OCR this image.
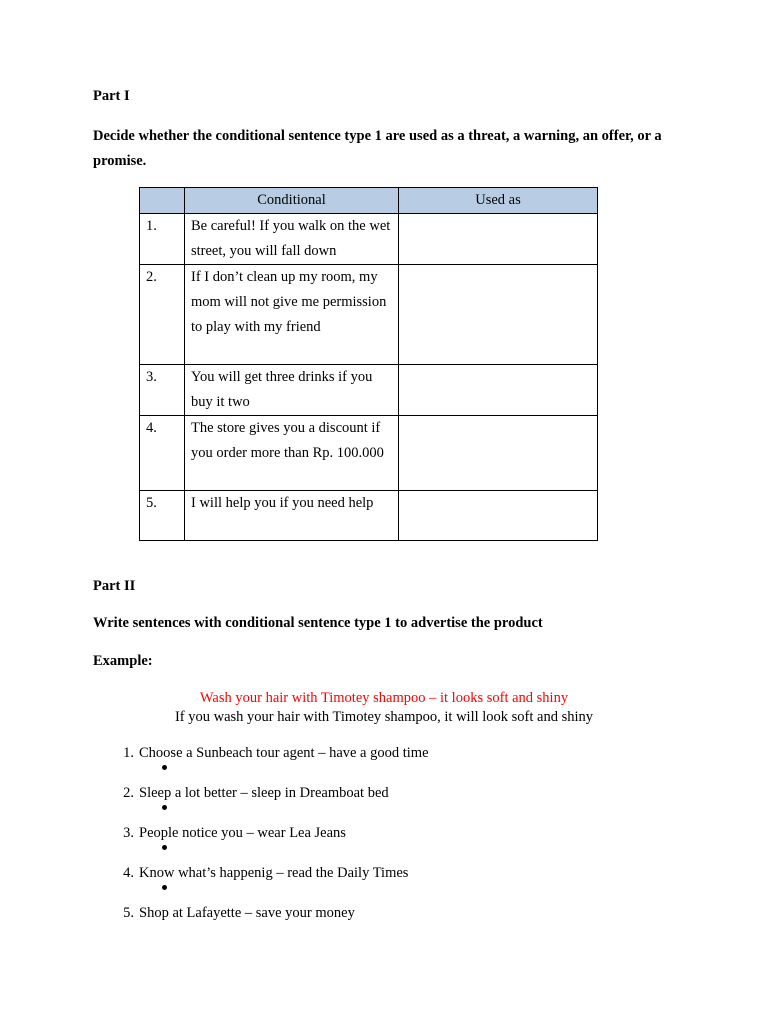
Part I
Decide whether the conditional sentence type 1 are used as a threat, a warning, an offer, or a promise.
	Conditional	Used as
1.	Be careful! If you walk on the wet street, you will fall down	
2.	If I don’t clean up my room, my mom will not give me permission to play with my friend	
3.	You will get three drinks if you buy it two	
4.	The store gives you a discount if you order more than Rp. 100.000	
5.	I will help you if you need help	
Part II
Write sentences with conditional sentence type 1 to advertise the product
Example:
Wash your hair with Timotey shampoo – it looks soft and shiny
If you wash your hair with Timotey shampoo, it will look soft and shiny
1. Choose a Sunbeach tour agent – have a good time
2. Sleep a lot better – sleep in Dreamboat bed
3. People notice you – wear Lea Jeans
4. Know what’s happenig – read the Daily Times
5. Shop at Lafayette – save your money
